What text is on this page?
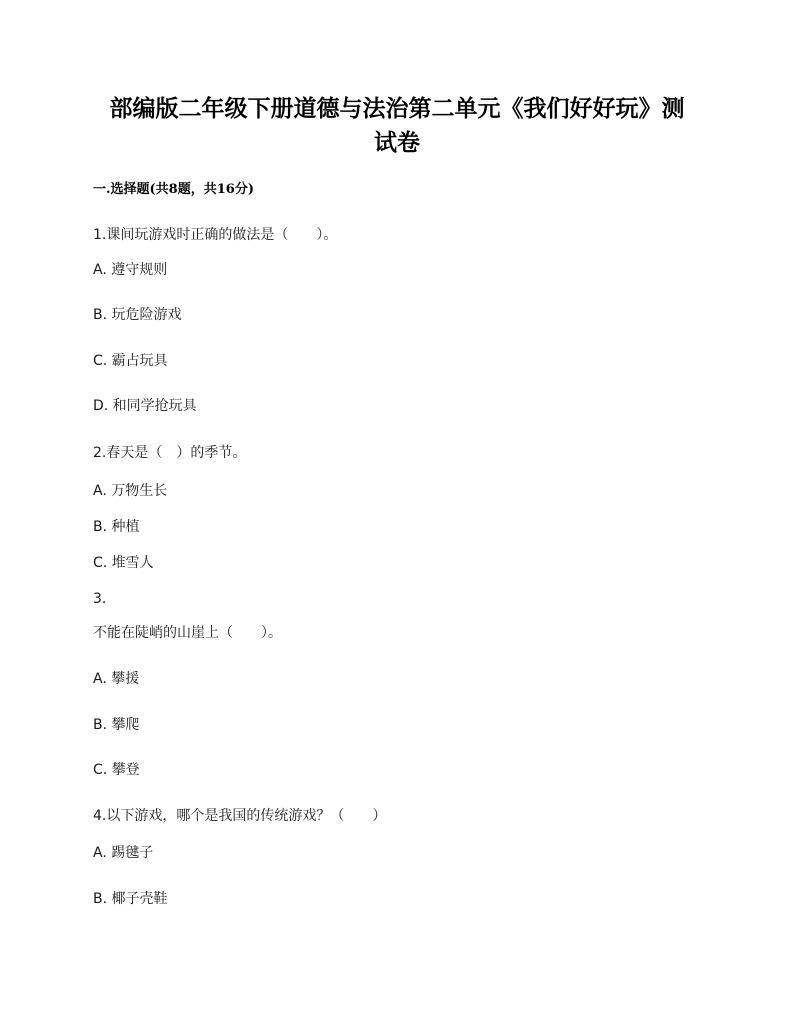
部编版二年级下册道德与法治第二单元《我们好好玩》测
试卷
一.选择题(共8题，共16分)
1.课间玩游戏时正确的做法是（　　）。
A. 遵守规则
B. 玩危险游戏
C. 霸占玩具
D. 和同学抢玩具
2.春天是（　）的季节。
A. 万物生长
B. 种植
C. 堆雪人
3.
不能在陡峭的山崖上（　　）。
A. 攀援
B. 攀爬
C. 攀登
4.以下游戏，哪个是我国的传统游戏？（　　）
A. 踢毽子
B. 椰子壳鞋
